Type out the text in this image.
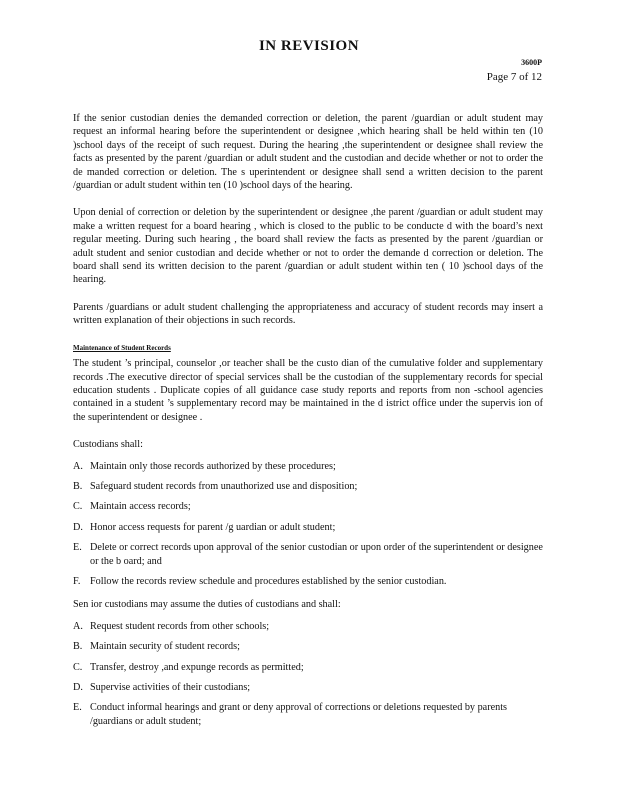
IN REVISION
3600P
Page 7 of 12

If the senior custodian denies the demanded correction or deletion, the parent /guardian or adult student may request an informal hearing before the superintendent or designee ,which hearing shall be held within ten (10 )school days of the receipt of such request. During the hearing ,the superintendent or designee shall review the facts as presented by the parent /guardian or adult student and the custodian and decide whether or not to order the de manded correction or deletion. The s uperintendent or designee shall send a written decision to the parent /guardian or adult student within ten (10 )school days of the hearing.

Upon denial of correction or deletion by the superintendent or designee ,the parent /guardian or adult student may make a written request for a board hearing , which is closed to the public to be conducte d with the board’s next regular meeting. During such hearing , the board shall review the facts as presented by the parent /guardian or adult student and senior custodian and decide whether or not to order the demande d correction or deletion. The board shall send its written decision to the parent /guardian or adult student within ten ( 10 )school days of the hearing.

Parents /guardians or adult student challenging the appropriateness and accuracy of student records may insert a written explanation of their objections in such records.

Maintenance of Student Records

The student ’s principal, counselor ,or teacher shall be the custo dian of the cumulative folder and supplementary records .The executive director of special services shall be the custodian of the supplementary records for special education students . Duplicate copies of all guidance case study reports and reports from non -school agencies contained in a student ’s supplementary record may be maintained in the d istrict office under the supervis ion of the superintendent or designee .

Custodians shall:
A. Maintain only those records authorized by these procedures;
B. Safeguard student records from unauthorized use and disposition;
C. Maintain access records;
D. Honor access requests for parent /g uardian or adult student;
E. Delete or correct records upon approval of the senior custodian or upon order of the superintendent or designee or the b oard; and
F. Follow the records review schedule and procedures established by the senior custodian.
Sen ior custodians may assume the duties of custodians and shall:
A. Request student records from other schools;
B. Maintain security of student records;
C. Transfer, destroy ,and expunge records as permitted;
D. Supervise activities of their custodians;
E. Conduct informal hearings and grant or deny approval of corrections or deletions requested by parents /guardians or adult student;
